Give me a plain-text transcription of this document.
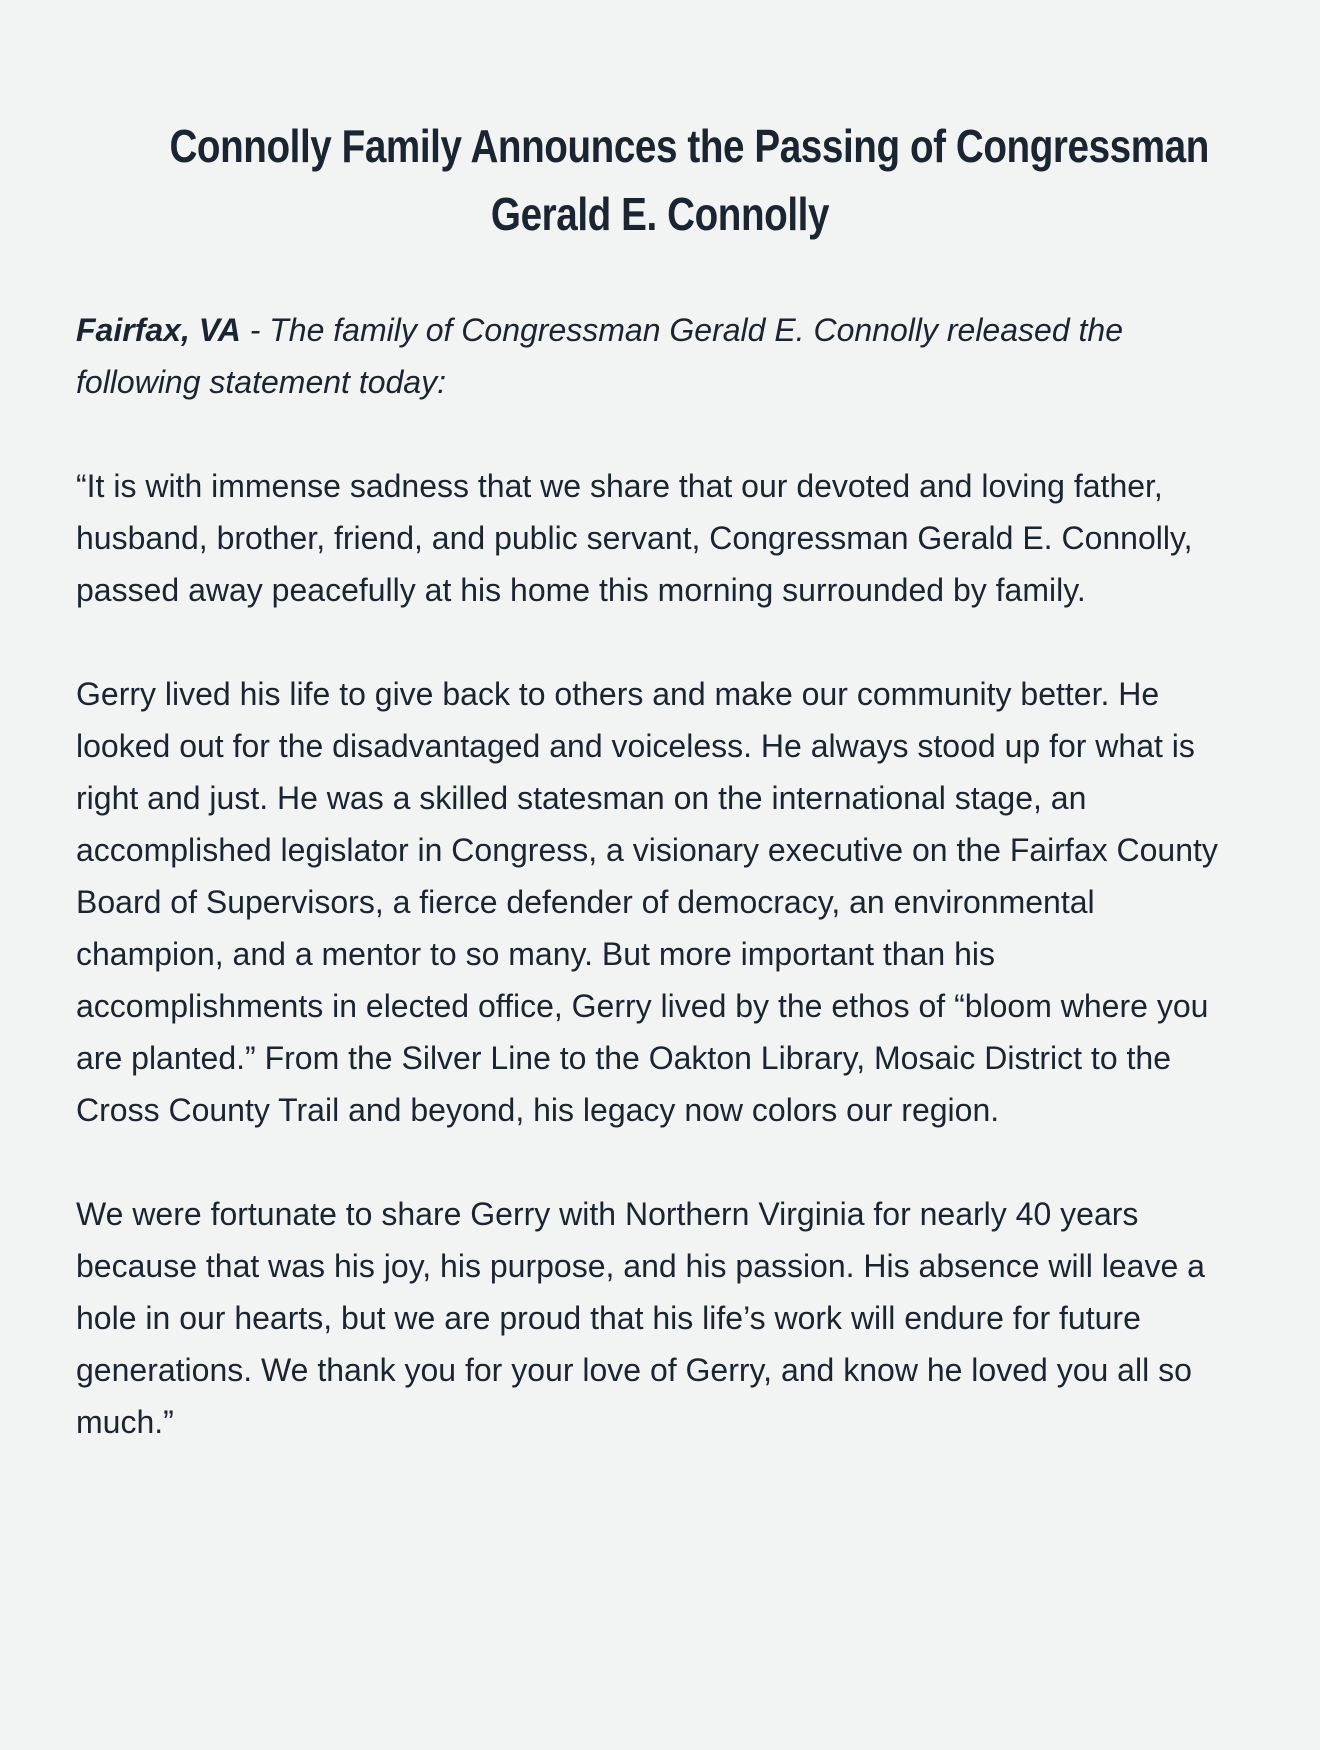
Connolly Family Announces the Passing of Congressman
Gerald E. Connolly

Fairfax, VA - The family of Congressman Gerald E. Connolly released the following statement today:

“It is with immense sadness that we share that our devoted and loving father, husband, brother, friend, and public servant, Congressman Gerald E. Connolly, passed away peacefully at his home this morning surrounded by family.

Gerry lived his life to give back to others and make our community better. He looked out for the disadvantaged and voiceless. He always stood up for what is right and just. He was a skilled statesman on the international stage, an accomplished legislator in Congress, a visionary executive on the Fairfax County Board of Supervisors, a fierce defender of democracy, an environmental champion, and a mentor to so many. But more important than his accomplishments in elected office, Gerry lived by the ethos of “bloom where you are planted.” From the Silver Line to the Oakton Library, Mosaic District to the Cross County Trail and beyond, his legacy now colors our region.

We were fortunate to share Gerry with Northern Virginia for nearly 40 years because that was his joy, his purpose, and his passion. His absence will leave a hole in our hearts, but we are proud that his life’s work will endure for future generations. We thank you for your love of Gerry, and know he loved you all so much.”
